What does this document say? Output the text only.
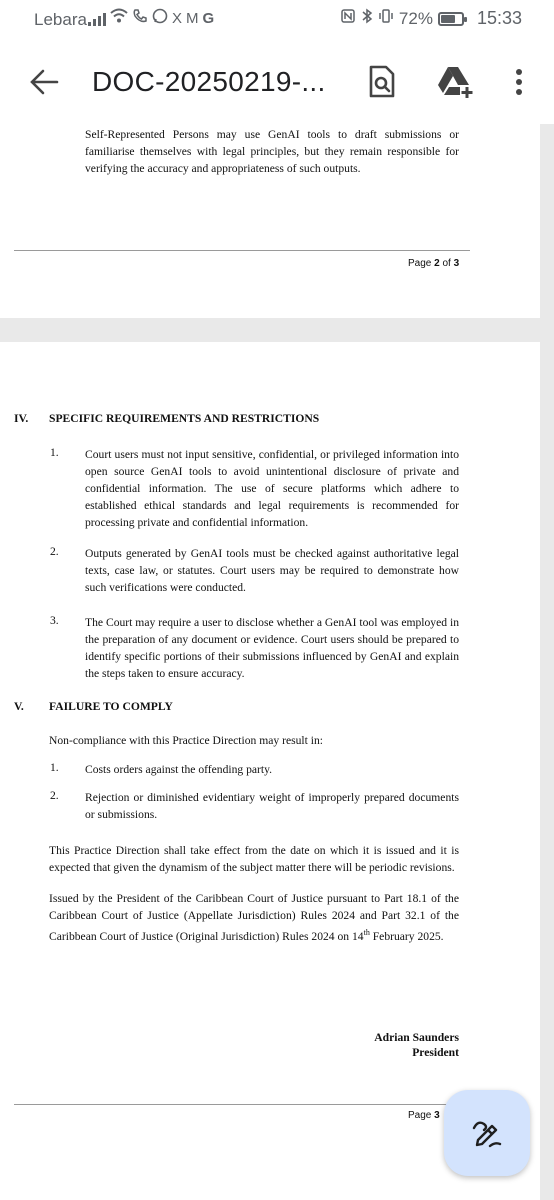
Lebara	X M G	72% 15:33
DOC-20250219-...

Self-Represented Persons may use GenAI tools to draft submissions or familiarise themselves with legal principles, but they remain responsible for verifying the accuracy and appropriateness of such outputs.

Page 2 of 3
IV. SPECIFIC REQUIREMENTS AND RESTRICTIONS
1. Court users must not input sensitive, confidential, or privileged information into open source GenAI tools to avoid unintentional disclosure of private and confidential information. The use of secure platforms which adhere to established ethical standards and legal requirements is recommended for processing private and confidential information.

2. Outputs generated by GenAI tools must be checked against authoritative legal texts, case law, or statutes. Court users may be required to demonstrate how such verifications were conducted.

3. The Court may require a user to disclose whether a GenAI tool was employed in the preparation of any document or evidence. Court users should be prepared to identify specific portions of their submissions influenced by GenAI and explain the steps taken to ensure accuracy.

V. FAILURE TO COMPLY

Non-compliance with this Practice Direction may result in:

1. Costs orders against the offending party.

2. Rejection or diminished evidentiary weight of improperly prepared documents or submissions.

This Practice Direction shall take effect from the date on which it is issued and it is expected that given the dynamism of the subject matter there will be periodic revisions.

Issued by the President of the Caribbean Court of Justice pursuant to Part 18.1 of the Caribbean Court of Justice (Appellate Jurisdiction) Rules 2024 and Part 32.1 of the Caribbean Court of Justice (Original Jurisdiction) Rules 2024 on 14th February 2025.

Adrian Saunders
President
Page 3
